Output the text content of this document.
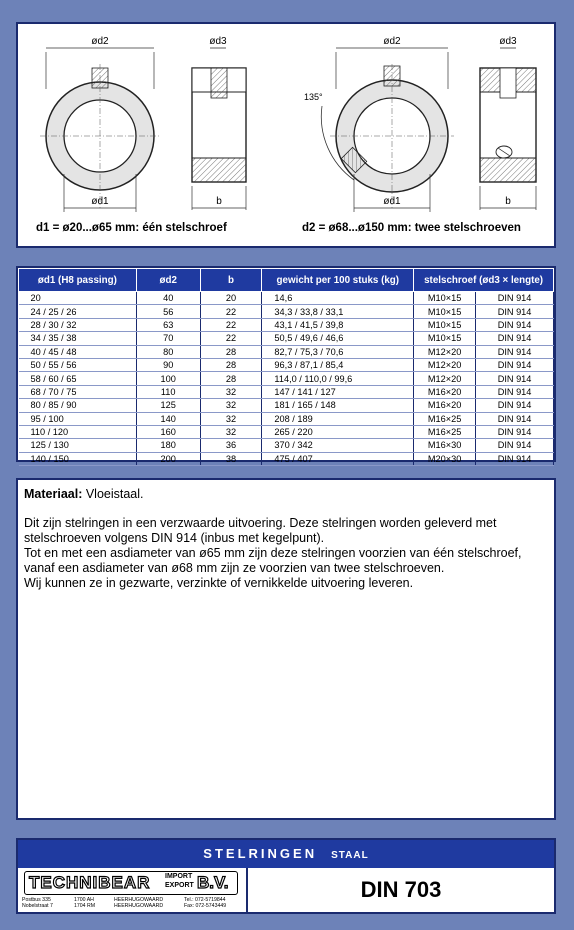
ød2
ød1
ød3
b
ød2
135°
ød1
ød3
b
d1 = ø20...ø65 mm: één stelschroef	d2 = ø68...ø150 mm: twee stelschroeven
ød1 (H8 passing)	ød2	b	gewicht per 100 stuks (kg)	stelschroef (ød3 × lengte)	
20	40	20	14,6	M10×15	DIN 914
24 / 25 / 26	56	22	34,3 / 33,8 / 33,1	M10×15	DIN 914
28 / 30 / 32	63	22	43,1 / 41,5 / 39,8	M10×15	DIN 914
34 / 35 / 38	70	22	50,5 / 49,6 / 46,6	M10×15	DIN 914
40 / 45 / 48	80	28	82,7 / 75,3 / 70,6	M12×20	DIN 914
50 / 55 / 56	90	28	96,3 / 87,1 / 85,4	M12×20	DIN 914
58 / 60 / 65	100	28	114,0 / 110,0 / 99,6	M12×20	DIN 914
68 / 70 / 75	110	32	147 / 141 / 127	M16×20	DIN 914
80 / 85 / 90	125	32	181 / 165 / 148	M16×20	DIN 914
95 / 100	140	32	208 / 189	M16×25	DIN 914
110 / 120	160	32	265 / 220	M16×25	DIN 914
125 / 130	180	36	370 / 342	M16×30	DIN 914
140 / 150	200	38	475 / 407	M20×30	DIN 914

Materiaal: Vloeistaal.

Dit zijn stelringen in een verzwaarde uitvoering. Deze stelringen worden geleverd met stelschroeven volgens DIN 914 (inbus met kegelpunt).

Tot en met een asdiameter van ø65 mm zijn deze stelringen voorzien van één stelschroef, vanaf een asdiameter van ø68 mm zijn ze voorzien van twee stelschroeven.

Wij kunnen ze in gezwarte, verzinkte of vernikkelde uitvoering leveren.

STELRINGEN STAAL
TECHNIBEAR IMPORT
EXPORT B.V.
Postbus 335
Nobelstraat 7
1700 AH
1704 RM
HEERHUGOWAARD
HEERHUGOWAARD
Tel.: 072-5719844
Fax: 072-5743449
DIN 703
